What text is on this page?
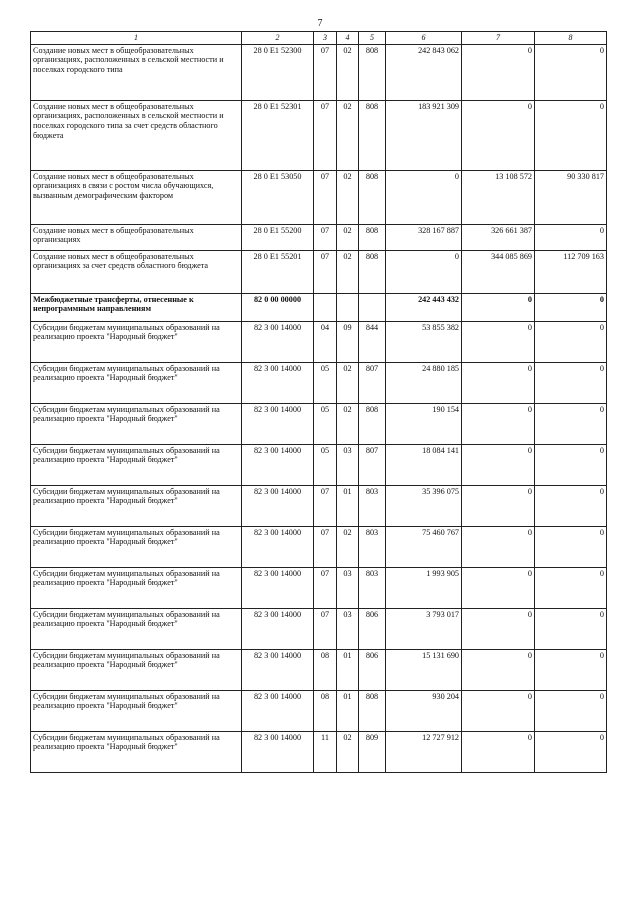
7
1	2	3	4	5	6	7	8
Создание новых мест в общеобразовательных организациях, расположенных в сельской местности и поселках городского типа	28 0 Е1 52300	07	02	808	242 843 062	0	0
Создание новых мест в общеобразовательных организациях, расположенных в сельской местности и поселках городского типа за счет средств областного бюджета	28 0 Е1 52301	07	02	808	183 921 309	0	0
Создание новых мест в общеобразовательных организациях в связи с ростом числа обучающихся, вызванным демографическим фактором	28 0 Е1 53050	07	02	808	0	13 108 572	90 330 817
Создание новых мест в общеобразовательных организациях	28 0 Е1 55200	07	02	808	328 167 887	326 661 387	0
Создание новых мест в общеобразовательных организациях за счет средств областного бюджета	28 0 Е1 55201	07	02	808	0	344 085 869	112 709 163
Межбюджетные трансферты, отнесенные к непрограммным направлениям	82 0 00 00000				242 443 432	0	0
Субсидии бюджетам муниципальных образований на реализацию проекта "Народный бюджет"	82 3 00 14000	04	09	844	53 855 382	0	0
Субсидии бюджетам муниципальных образований на реализацию проекта "Народный бюджет"	82 3 00 14000	05	02	807	24 880 185	0	0
Субсидии бюджетам муниципальных образований на реализацию проекта "Народный бюджет"	82 3 00 14000	05	02	808	190 154	0	0
Субсидии бюджетам муниципальных образований на реализацию проекта "Народный бюджет"	82 3 00 14000	05	03	807	18 084 141	0	0
Субсидии бюджетам муниципальных образований на реализацию проекта "Народный бюджет"	82 3 00 14000	07	01	803	35 396 075	0	0
Субсидии бюджетам муниципальных образований на реализацию проекта "Народный бюджет"	82 3 00 14000	07	02	803	75 460 767	0	0
Субсидии бюджетам муниципальных образований на реализацию проекта "Народный бюджет"	82 3 00 14000	07	03	803	1 993 905	0	0
Субсидии бюджетам муниципальных образований на реализацию проекта "Народный бюджет"	82 3 00 14000	07	03	806	3 793 017	0	0
Субсидии бюджетам муниципальных образований на реализацию проекта "Народный бюджет"	82 3 00 14000	08	01	806	15 131 690	0	0
Субсидии бюджетам муниципальных образований на реализацию проекта "Народный бюджет"	82 3 00 14000	08	01	808	930 204	0	0
Субсидии бюджетам муниципальных образований на реализацию проекта "Народный бюджет"	82 3 00 14000	11	02	809	12 727 912	0	0
